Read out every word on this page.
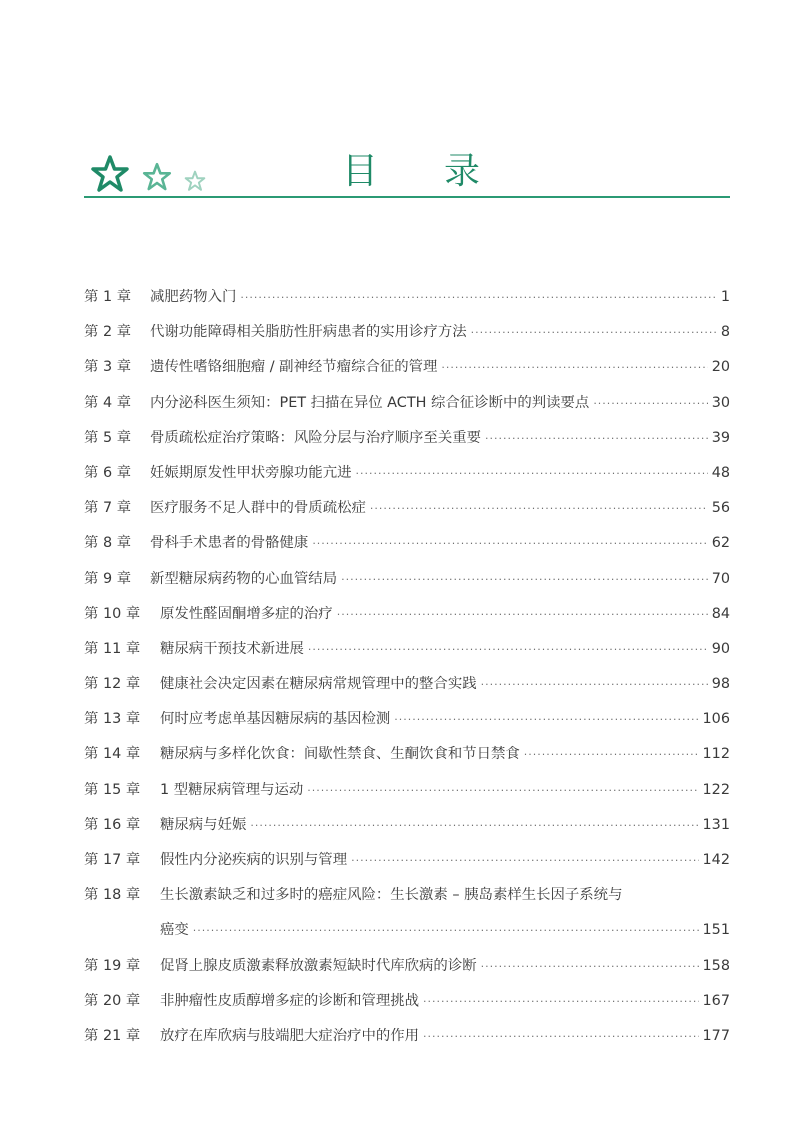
目录
第 1 章	减肥药物入门 ·····	1
第 2 章	代谢功能障碍相关脂肪性肝病患者的实用诊疗方法 ·····	8
第 3 章	遗传性嗜铬细胞瘤 / 副神经节瘤综合征的管理 ·····	20
第 4 章	内分泌科医生须知：PET 扫描在异位 ACTH 综合征诊断中的判读要点 ·····	30
第 5 章	骨质疏松症治疗策略：风险分层与治疗顺序至关重要 ·····	39
第 6 章	妊娠期原发性甲状旁腺功能亢进 ·····	48
第 7 章	医疗服务不足人群中的骨质疏松症 ·····	56
第 8 章	骨科手术患者的骨骼健康 ·····	62
第 9 章	新型糖尿病药物的心血管结局 ·····	70
第 10 章	原发性醛固酮增多症的治疗 ·····	84
第 11 章	糖尿病干预技术新进展 ·····	90
第 12 章	健康社会决定因素在糖尿病常规管理中的整合实践 ·····	98
第 13 章	何时应考虑单基因糖尿病的基因检测 ·····	106
第 14 章	糖尿病与多样化饮食：间歇性禁食、生酮饮食和节日禁食 ·····	112
第 15 章	1 型糖尿病管理与运动 ·····	122
第 16 章	糖尿病与妊娠 ·····	131
第 17 章	假性内分泌疾病的识别与管理 ·····	142
第 18 章	生长激素缺乏和过多时的癌症风险：生长激素 – 胰岛素样生长因子系统与
癌变 ·····	151
第 19 章	促肾上腺皮质激素释放激素短缺时代库欣病的诊断 ·····	158
第 20 章	非肿瘤性皮质醇增多症的诊断和管理挑战 ·····	167
第 21 章	放疗在库欣病与肢端肥大症治疗中的作用 ·····	177
